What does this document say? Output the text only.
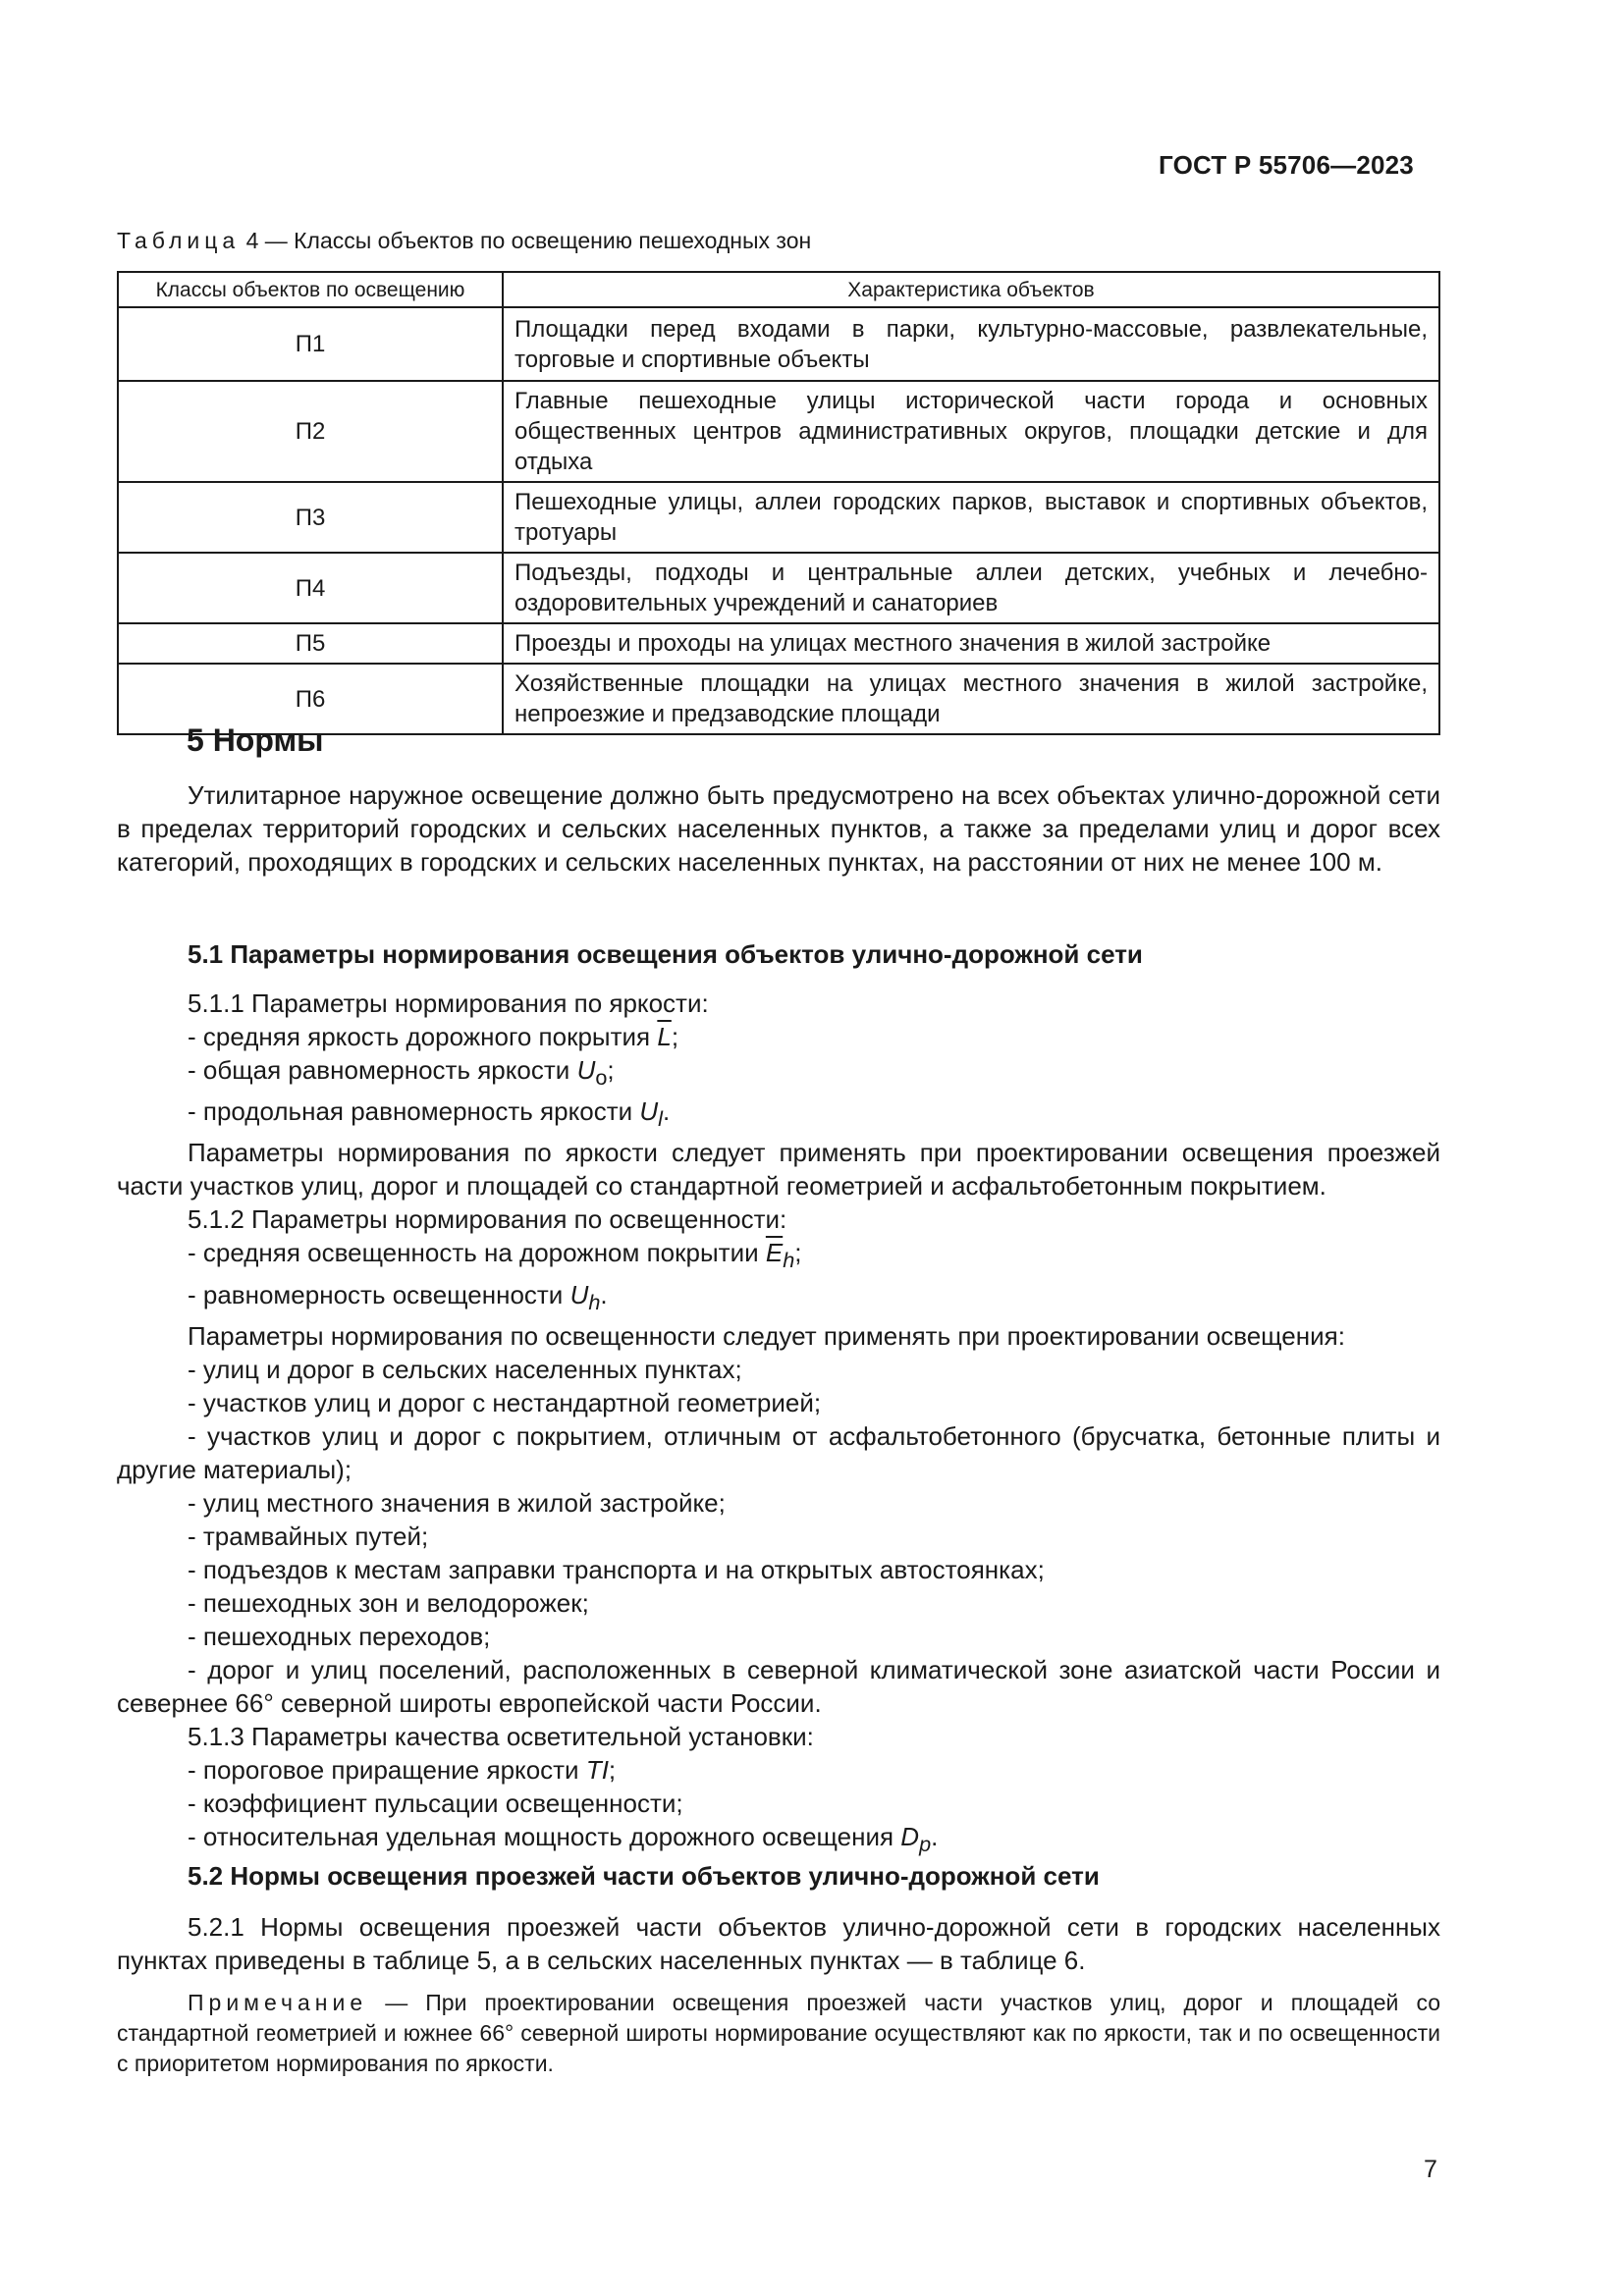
ГОСТ Р 55706—2023
Таблица 4 — Классы объектов по освещению пешеходных зон
Классы объектов по освещению	Характеристика объектов
П1	Площадки перед входами в парки, культурно-массовые, развлекательные, торговые и спортивные объекты
П2	Главные пешеходные улицы исторической части города и основных общественных центров административных округов, площадки детские и для отдыха
П3	Пешеходные улицы, аллеи городских парков, выставок и спортивных объектов, тротуары
П4	Подъезды, подходы и центральные аллеи детских, учебных и лечебно-оздоровительных учреждений и санаториев
П5	Проезды и проходы на улицах местного значения в жилой застройке
П6	Хозяйственные площадки на улицах местного значения в жилой застройке, непроезжие и предзаводские площади
5 Нормы
Утилитарное наружное освещение должно быть предусмотрено на всех объектах улично-дорожной сети в пределах территорий городских и сельских населенных пунктов, а также за пределами улиц и дорог всех категорий, проходящих в городских и сельских населенных пунктах, на расстоянии от них не менее 100 м.
5.1 Параметры нормирования освещения объектов улично-дорожной сети
5.1.1 Параметры нормирования по яркости:
- средняя яркость дорожного покрытия $\overline{L}$;
- общая равномерность яркости $U_o$;
- продольная равномерность яркости $U_l$.
Параметры нормирования по яркости следует применять при проектировании освещения проезжей части участков улиц, дорог и площадей со стандартной геометрией и асфальтобетонным покрытием.
5.1.2 Параметры нормирования по освещенности:
- средняя освещенность на дорожном покрытии $\overline{E}_h$;
- равномерность освещенности $U_h$.
Параметры нормирования по освещенности следует применять при проектировании освещения:
- улиц и дорог в сельских населенных пунктах;
- участков улиц и дорог с нестандартной геометрией;
- участков улиц и дорог с покрытием, отличным от асфальтобетонного (брусчатка, бетонные плиты и другие материалы);
- улиц местного значения в жилой застройке;
- трамвайных путей;
- подъездов к местам заправки транспорта и на открытых автостоянках;
- пешеходных зон и велодорожек;
- пешеходных переходов;
- дорог и улиц поселений, расположенных в северной климатической зоне азиатской части России и севернее 66° северной широты европейской части России.
5.1.3 Параметры качества осветительной установки:
- пороговое приращение яркости TI;
- коэффициент пульсации освещенности;
- относительная удельная мощность дорожного освещения $D_p$.
5.2 Нормы освещения проезжей части объектов улично-дорожной сети
5.2.1 Нормы освещения проезжей части объектов улично-дорожной сети в городских населенных пунктах приведены в таблице 5, а в сельских населенных пунктах — в таблице 6.
Примечание — При проектировании освещения проезжей части участков улиц, дорог и площадей со стандартной геометрией и южнее 66° северной широты нормирование осуществляют как по яркости, так и по освещенности с приоритетом нормирования по яркости.
7
